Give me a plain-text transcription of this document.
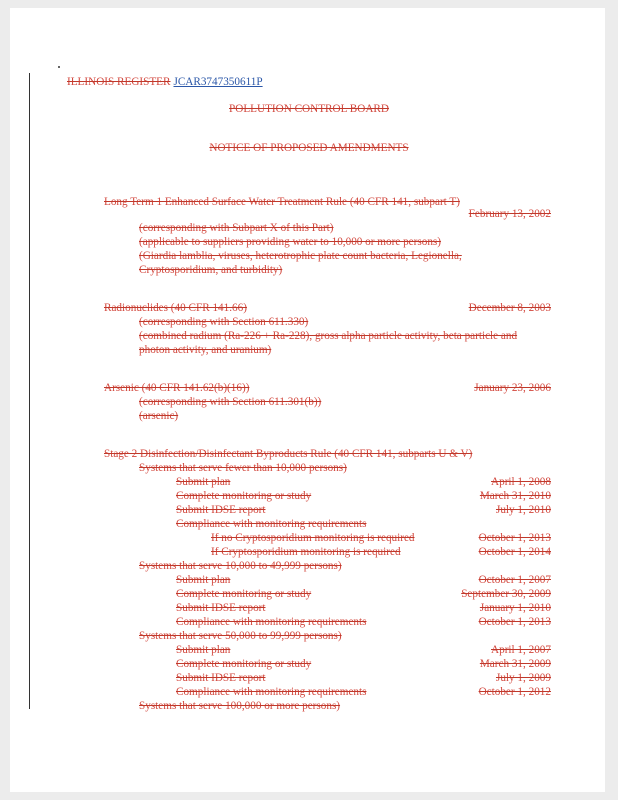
ILLINOIS REGISTER JCAR3747350611P
POLLUTION CONTROL BOARD
NOTICE OF PROPOSED AMENDMENTS
Long Term 1 Enhanced Surface Water Treatment Rule (40 CFR 141, subpart T)
February 13, 2002
(corresponding with Subpart X of this Part)
(applicable to suppliers providing water to 10,000 or more persons)
(Giardia lamblia, viruses, heterotrophic plate count bacteria, Legionella,
Cryptosporidium, and turbidity)
Radionuclides (40 CFR 141.66)	December 8, 2003
(corresponding with Section 611.330)
(combined radium (Ra-226 + Ra-228), gross alpha particle activity, beta particle and
photon activity, and uranium)
Arsenic (40 CFR 141.62(b)(16))	January 23, 2006
(corresponding with Section 611.301(b))
(arsenic)
Stage 2 Disinfection/Disinfectant Byproducts Rule (40 CFR 141, subparts U & V)
Systems that serve fewer than 10,000 persons)
Submit plan	April 1, 2008
Complete monitoring or study	March 31, 2010
Submit IDSE report	July 1, 2010
Compliance with monitoring requirements
If no Cryptosporidium monitoring is required	October 1, 2013
If Cryptosporidium monitoring is required	October 1, 2014
Systems that serve 10,000 to 49,999 persons)
Submit plan	October 1, 2007
Complete monitoring or study	September 30, 2009
Submit IDSE report	January 1, 2010
Compliance with monitoring requirements	October 1, 2013
Systems that serve 50,000 to 99,999 persons)
Submit plan	April 1, 2007
Complete monitoring or study	March 31, 2009
Submit IDSE report	July 1, 2009
Compliance with monitoring requirements	October 1, 2012
Systems that serve 100,000 or more persons)
